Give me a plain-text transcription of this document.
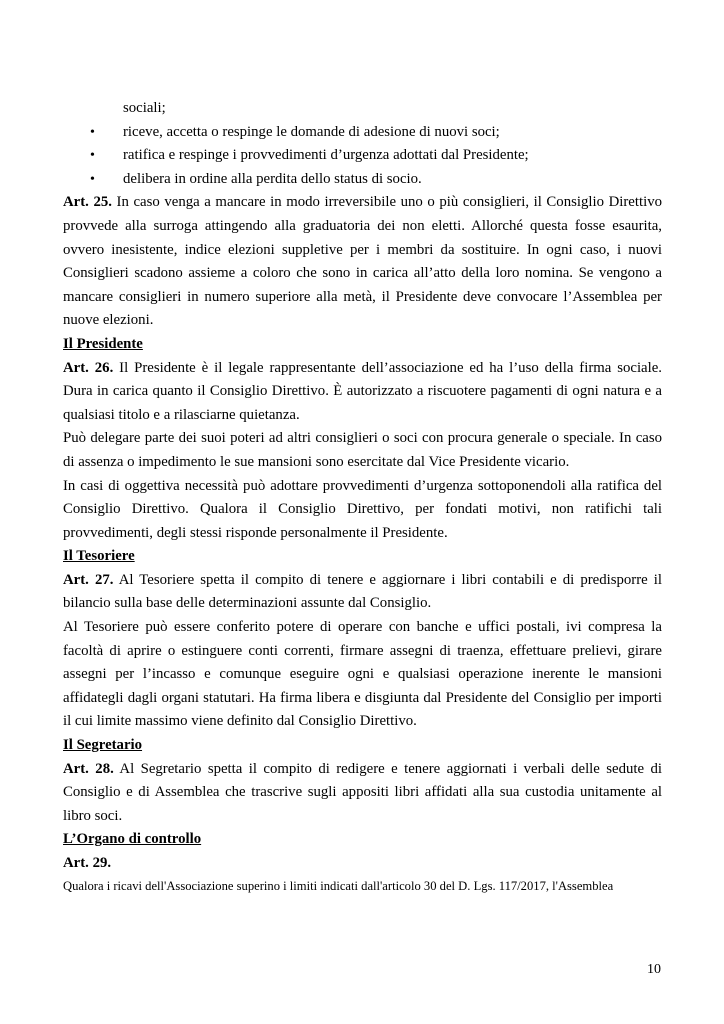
sociali;

• riceve, accetta o respinge le domande di adesione di nuovi soci;

• ratifica e respinge i provvedimenti d’urgenza adottati dal Presidente;

• delibera in ordine alla perdita dello status di socio.

Art. 25. In caso venga a mancare in modo irreversibile uno o più consiglieri, il Consiglio Direttivo

provvede alla surroga attingendo alla graduatoria dei non eletti. Allorché questa fosse esaurita,

ovvero inesistente, indice elezioni suppletive per i membri da sostituire. In ogni caso, i nuovi

Consiglieri scadono assieme a coloro che sono in carica all’atto della loro nomina. Se vengono a

mancare consiglieri in numero superiore alla metà, il Presidente deve convocare l’Assemblea per

nuove elezioni.

Il Presidente

Art. 26. Il Presidente è il legale rappresentante dell’associazione ed ha l’uso della firma sociale.

Dura in carica quanto il Consiglio Direttivo. È autorizzato a riscuotere pagamenti di ogni natura e a

qualsiasi titolo e a rilasciarne quietanza.

Può delegare parte dei suoi poteri ad altri consiglieri o soci con procura generale o speciale. In caso

di assenza o impedimento le sue mansioni sono esercitate dal Vice Presidente vicario.

In casi di oggettiva necessità può adottare provvedimenti d’urgenza sottoponendoli alla ratifica del

Consiglio Direttivo. Qualora il Consiglio Direttivo, per fondati motivi, non ratifichi tali

provvedimenti, degli stessi risponde personalmente il Presidente.

Il Tesoriere

Art. 27. Al Tesoriere spetta il compito di tenere e aggiornare i libri contabili e di predisporre il

bilancio sulla base delle determinazioni assunte dal Consiglio.

Al Tesoriere può essere conferito potere di operare con banche e uffici postali, ivi compresa la

facoltà di aprire o estinguere conti correnti, firmare assegni di traenza, effettuare prelievi, girare

assegni per l’incasso e comunque eseguire ogni e qualsiasi operazione inerente le mansioni

affidategli dagli organi statutari. Ha firma libera e disgiunta dal Presidente del Consiglio per importi

il cui limite massimo viene definito dal Consiglio Direttivo.

Il Segretario

Art. 28. Al Segretario spetta il compito di redigere e tenere aggiornati i verbali delle sedute di

Consiglio e di Assemblea che trascrive sugli appositi libri affidati alla sua custodia unitamente al

libro soci.

L’Organo di controllo

Art. 29.

Qualora i ricavi dell'Associazione superino i limiti indicati dall'articolo 30 del D. Lgs. 117/2017, l'Assemblea

10
